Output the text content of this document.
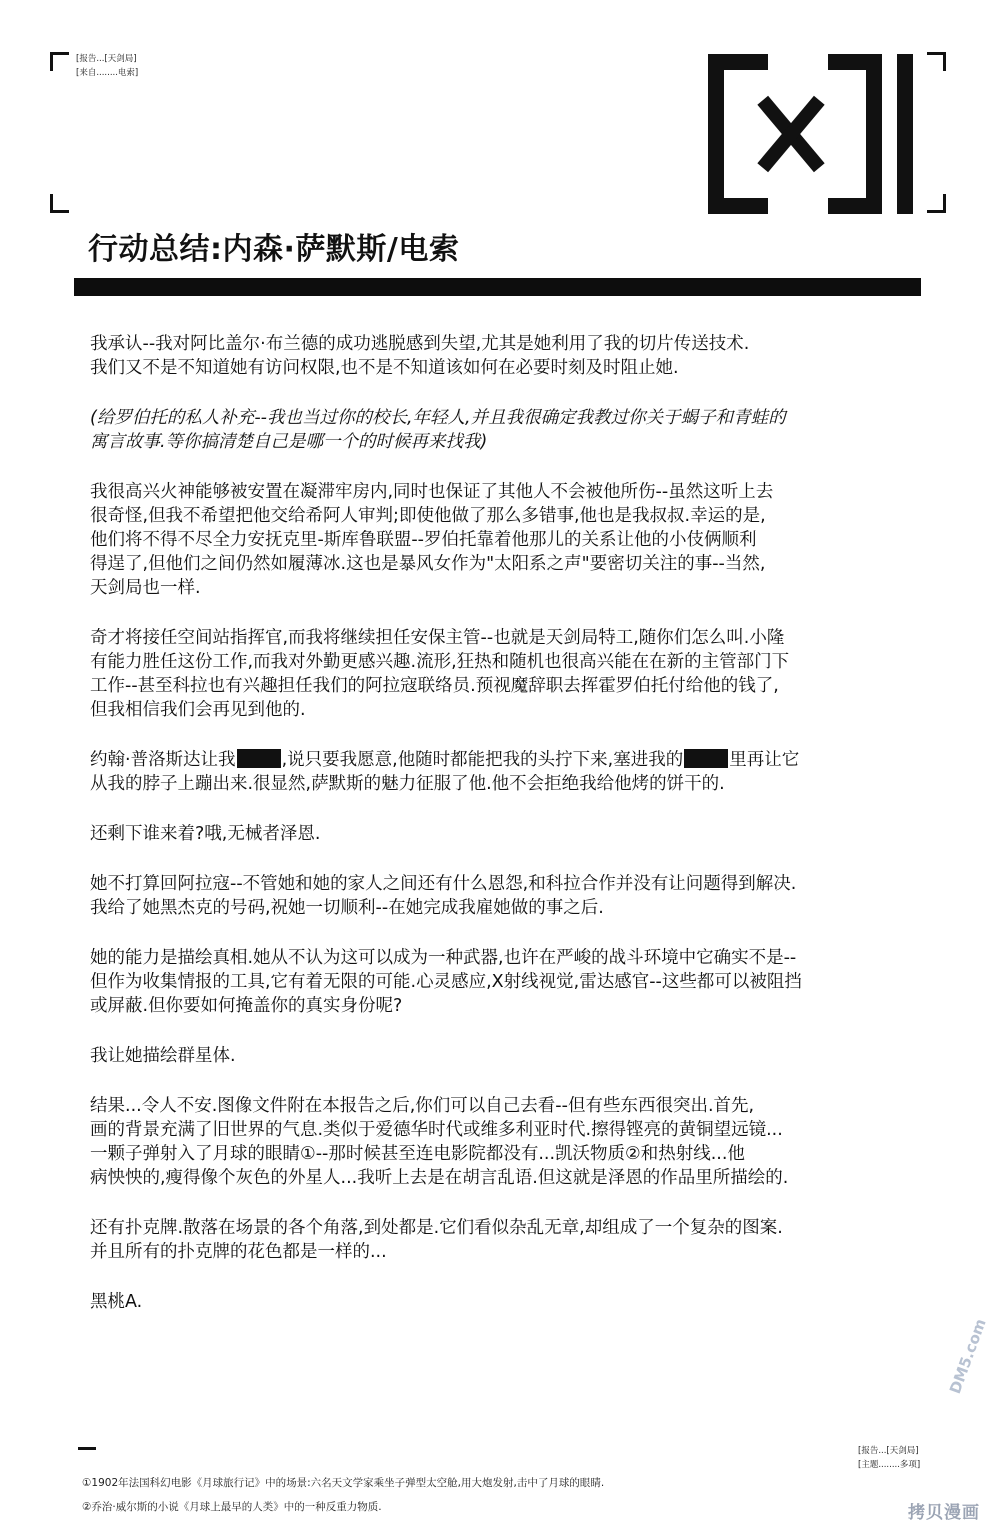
[报告...[天剑局]
[来自........电索]
行动总结:内森·萨默斯/电索

我承认--我对阿比盖尔·布兰德的成功逃脱感到失望,尤其是她利用了我的切片传送技术.
我们又不是不知道她有访问权限,也不是不知道该如何在必要时刻及时阻止她.

(给罗伯托的私人补充--我也当过你的校长,年轻人,并且我很确定我教过你关于蝎子和青蛙的
寓言故事.等你搞清楚自己是哪一个的时候再来找我)

我很高兴火神能够被安置在凝滞牢房内,同时也保证了其他人不会被他所伤--虽然这听上去
很奇怪,但我不希望把他交给希阿人审判;即使他做了那么多错事,他也是我叔叔.幸运的是,
他们将不得不尽全力安抚克里-斯库鲁联盟--罗伯托靠着他那儿的关系让他的小伎俩顺利
得逞了,但他们之间仍然如履薄冰.这也是暴风女作为"太阳系之声"要密切关注的事--当然,
天剑局也一样.

奇才将接任空间站指挥官,而我将继续担任安保主管--也就是天剑局特工,随你们怎么叫.小隆
有能力胜任这份工作,而我对外勤更感兴趣.流形,狂热和随机也很高兴能在在新的主管部门下
工作--甚至科拉也有兴趣担任我们的阿拉寇联络员.预视魔辞职去挥霍罗伯托付给他的钱了,
但我相信我们会再见到他的.

约翰·普洛斯达让我	,说只要我愿意,他随时都能把我的头拧下来,塞进我的	里再让它
从我的脖子上蹦出来.很显然,萨默斯的魅力征服了他.他不会拒绝我给他烤的饼干的.

还剩下谁来着?哦,无械者泽恩.

她不打算回阿拉寇--不管她和她的家人之间还有什么恩怨,和科拉合作并没有让问题得到解决.
我给了她黑杰克的号码,祝她一切顺利--在她完成我雇她做的事之后.

她的能力是描绘真相.她从不认为这可以成为一种武器,也许在严峻的战斗环境中它确实不是--
但作为收集情报的工具,它有着无限的可能.心灵感应,X射线视觉,雷达感官--这些都可以被阻挡
或屏蔽.但你要如何掩盖你的真实身份呢?

我让她描绘群星体.

结果...令人不安.图像文件附在本报告之后,你们可以自己去看--但有些东西很突出.首先,
画的背景充满了旧世界的气息.类似于爱德华时代或维多利亚时代.擦得铿亮的黄铜望远镜...
一颗子弹射入了月球的眼睛①--那时候甚至连电影院都没有...凯沃物质②和热射线...他
病怏怏的,瘦得像个灰色的外星人...我听上去是在胡言乱语.但这就是泽恩的作品里所描绘的.

还有扑克牌.散落在场景的各个角落,到处都是.它们看似杂乱无章,却组成了一个复杂的图案.
并且所有的扑克牌的花色都是一样的...

黑桃A.

[报告...[天剑局]
[主题........多项]
①1902年法国科幻电影《月球旅行记》中的场景:六名天文学家乘坐子弹型太空舱,用大炮发射,击中了月球的眼睛.
②乔治·威尔斯的小说《月球上最早的人类》中的一种反重力物质.
DM5.com
拷贝漫画
